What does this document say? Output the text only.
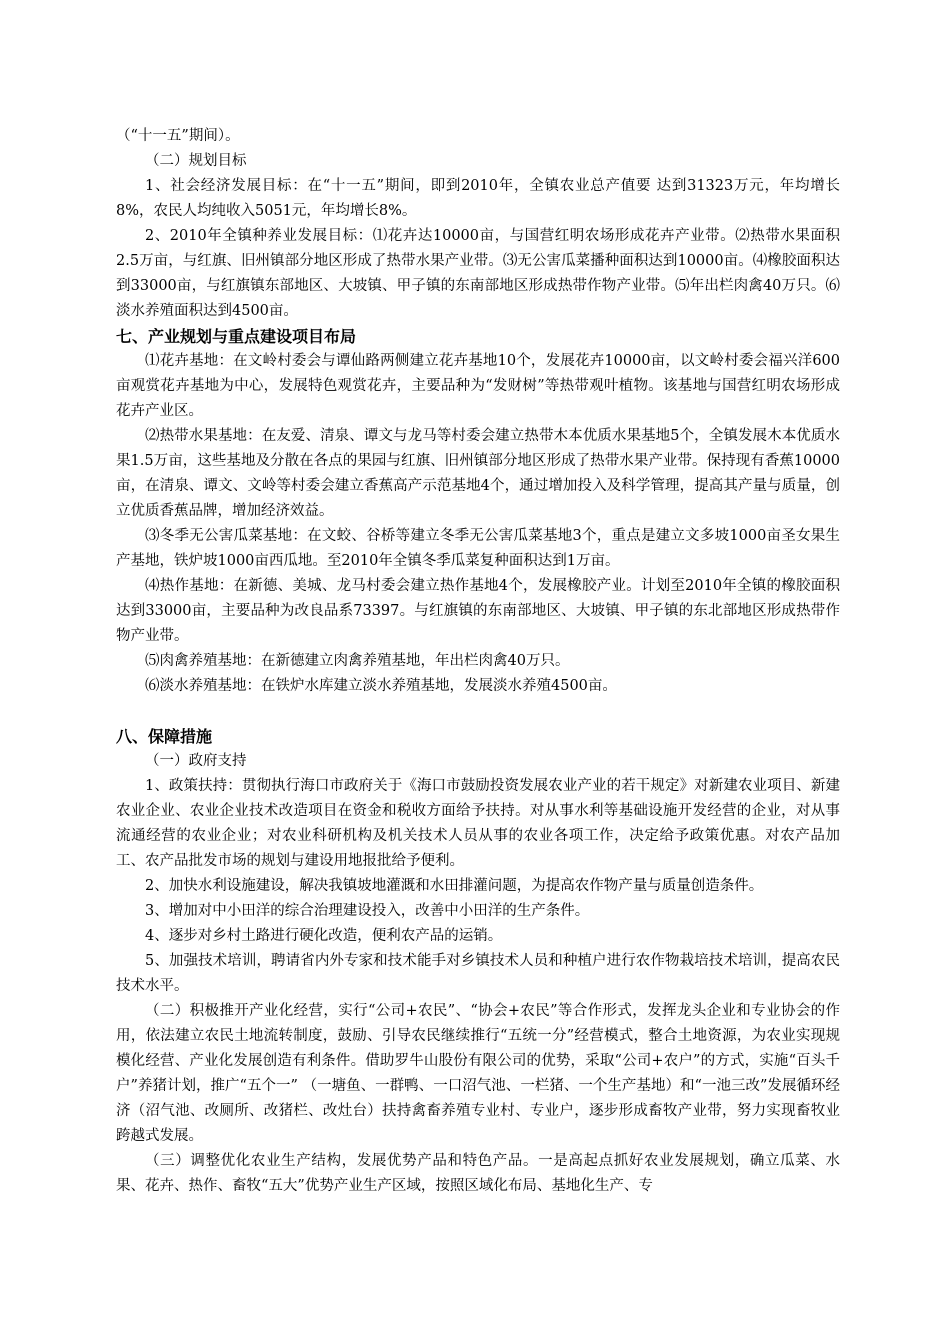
（“十一五”期间）。

（二）规划目标

1、社会经济发展目标：在“十一五”期间，即到2010年，全镇农业总产值要 达到31323万元，年均增长8%，农民人均纯收入5051元，年均增长8%。

2、2010年全镇种养业发展目标：⑴花卉达10000亩，与国营红明农场形成花卉产业带。⑵热带水果面积2.5万亩，与红旗、旧州镇部分地区形成了热带水果产业带。⑶无公害瓜菜播种面积达到10000亩。⑷橡胶面积达到33000亩，与红旗镇东部地区、大坡镇、甲子镇的东南部地区形成热带作物产业带。⑸年出栏肉禽40万只。⑹淡水养殖面积达到4500亩。

七、产业规划与重点建设项目布局

⑴花卉基地：在文岭村委会与谭仙路两侧建立花卉基地10个，发展花卉10000亩，以文岭村委会福兴洋600亩观赏花卉基地为中心，发展特色观赏花卉，主要品种为“发财树”等热带观叶植物。该基地与国营红明农场形成花卉产业区。

⑵热带水果基地：在友爱、清泉、谭文与龙马等村委会建立热带木本优质水果基地5个，全镇发展木本优质水果1.5万亩，这些基地及分散在各点的果园与红旗、旧州镇部分地区形成了热带水果产业带。保持现有香蕉10000亩，在清泉、谭文、文岭等村委会建立香蕉高产示范基地4个，通过增加投入及科学管理，提高其产量与质量，创立优质香蕉品牌，增加经济效益。

⑶冬季无公害瓜菜基地：在文蛟、谷桥等建立冬季无公害瓜菜基地3个，重点是建立文多坡1000亩圣女果生产基地，铁炉坡1000亩西瓜地。至2010年全镇冬季瓜菜复种面积达到1万亩。

⑷热作基地：在新德、美城、龙马村委会建立热作基地4个，发展橡胶产业。计划至2010年全镇的橡胶面积达到33000亩，主要品种为改良品系73397。与红旗镇的东南部地区、大坡镇、甲子镇的东北部地区形成热带作物产业带。

⑸肉禽养殖基地：在新德建立肉禽养殖基地，年出栏肉禽40万只。

⑹淡水养殖基地：在铁炉水库建立淡水养殖基地，发展淡水养殖4500亩。

八、保障措施

（一）政府支持

1、政策扶持：贯彻执行海口市政府关于《海口市鼓励投资发展农业产业的若干规定》对新建农业项目、新建农业企业、农业企业技术改造项目在资金和税收方面给予扶持。对从事水利等基础设施开发经营的企业，对从事流通经营的农业企业；对农业科研机构及机关技术人员从事的农业各项工作，决定给予政策优惠。对农产品加工、农产品批发市场的规划与建设用地报批给予便利。

2、加快水利设施建设，解决我镇坡地灌溉和水田排灌问题，为提高农作物产量与质量创造条件。

3、增加对中小田洋的综合治理建设投入，改善中小田洋的生产条件。

4、逐步对乡村土路进行硬化改造，便利农产品的运销。

5、加强技术培训，聘请省内外专家和技术能手对乡镇技术人员和种植户进行农作物栽培技术培训，提高农民技术水平。

（二）积极推开产业化经营，实行“公司+农民”、“协会+农民”等合作形式，发挥龙头企业和专业协会的作用，依法建立农民土地流转制度，鼓励、引导农民继续推行“五统一分”经营模式，整合土地资源，为农业实现规模化经营、产业化发展创造有利条件。借助罗牛山股份有限公司的优势，采取“公司+农户”的方式，实施“百头千户”养猪计划，推广“五个一” （一塘鱼、一群鸭、一口沼气池、一栏猪、一个生产基地）和“一池三改”发展循环经济（沼气池、改厕所、改猪栏、改灶台）扶持禽畜养殖专业村、专业户，逐步形成畜牧产业带，努力实现畜牧业跨越式发展。

（三）调整优化农业生产结构，发展优势产品和特色产品。一是高起点抓好农业发展规划，确立瓜菜、水果、花卉、热作、畜牧“五大”优势产业生产区域，按照区域化布局、基地化生产、专
